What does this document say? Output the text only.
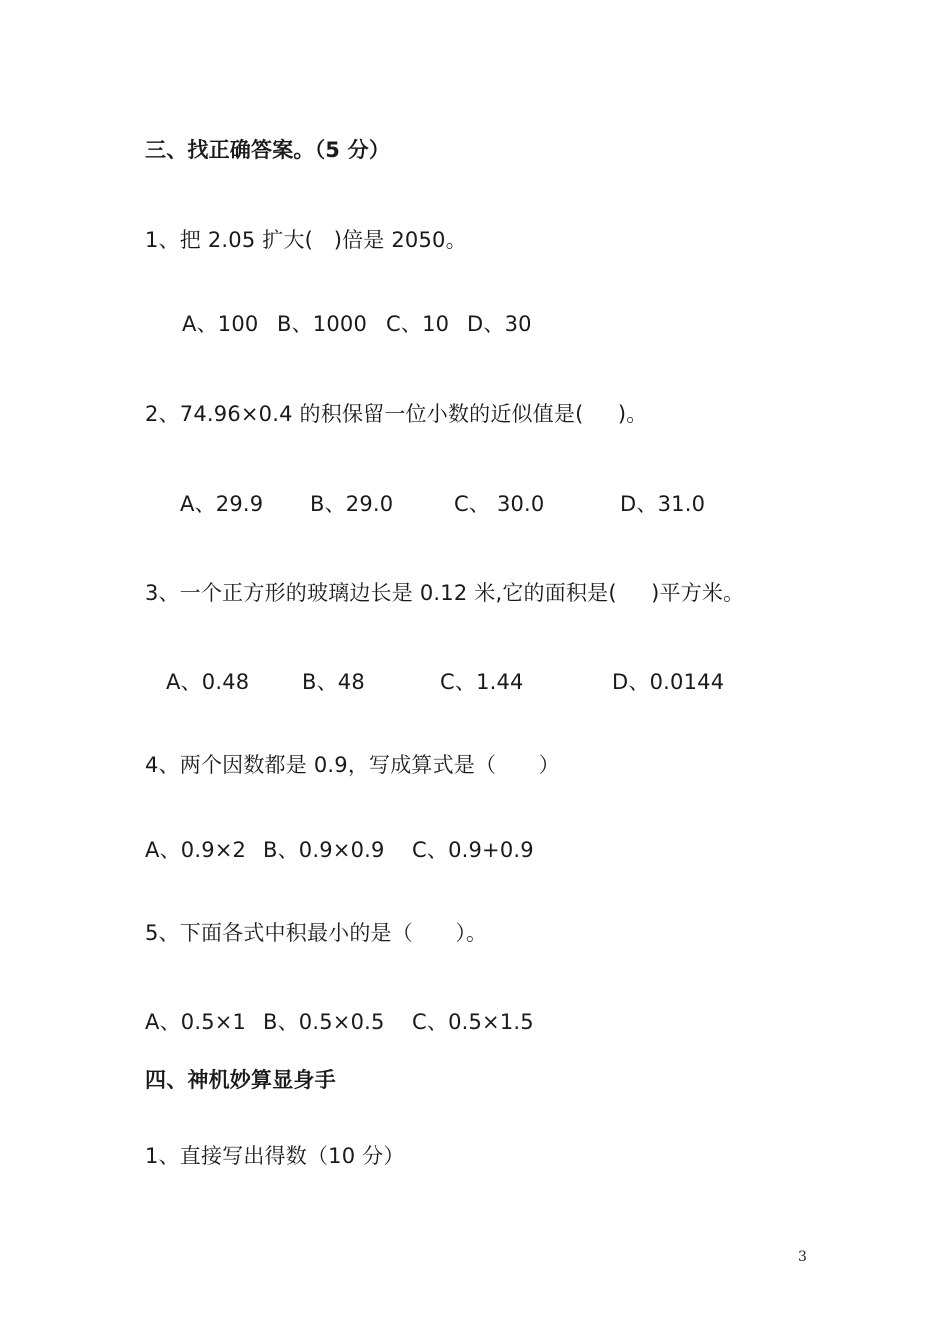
三、找正确答案。（5 分）
1、把 2.05 扩大(   )倍是 2050。
A、100 B、1000 C、10 D、30
2、74.96×0.4 的积保留一位小数的近似值是(     )。
A、29.9 B、29.0	C、 30.0	D、31.0
3、一个正方形的玻璃边长是 0.12 米,它的面积是(     )平方米。
A、0.48	B、48	C、1.44	D、0.0144
4、两个因数都是 0.9，写成算式是（　　）
A、0.9×2 B、0.9×0.9 C、0.9+0.9
5、下面各式中积最小的是（　　）。
A、0.5×1 B、0.5×0.5 C、0.5×1.5
四、神机妙算显身手
1、直接写出得数（10 分）
3
